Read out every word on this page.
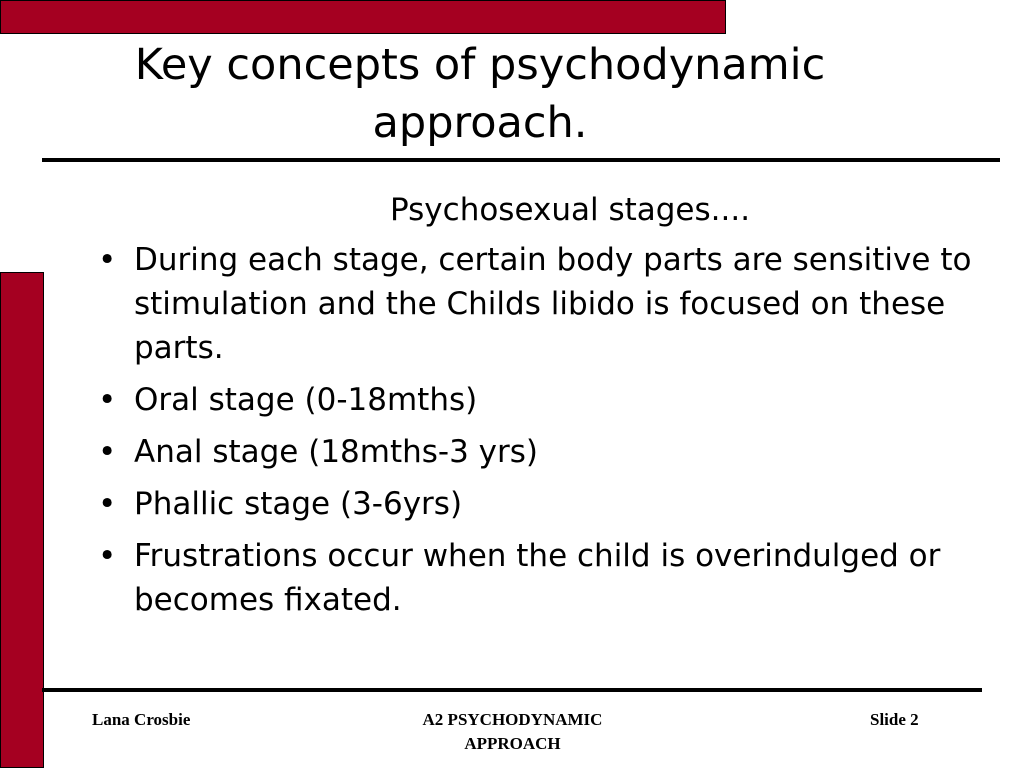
Key concepts of psychodynamic
approach.
Psychosexual stages....
• During each stage, certain body parts are sensitive to stimulation and the Childs libido is focused on these parts.
• Oral stage (0-18mths)
• Anal stage (18mths-3 yrs)
• Phallic stage (3-6yrs)
• Frustrations occur when the child is overindulged or becomes fixated.
Lana Crosbie	A2 PSYCHODYNAMIC
APPROACH
Slide 2
